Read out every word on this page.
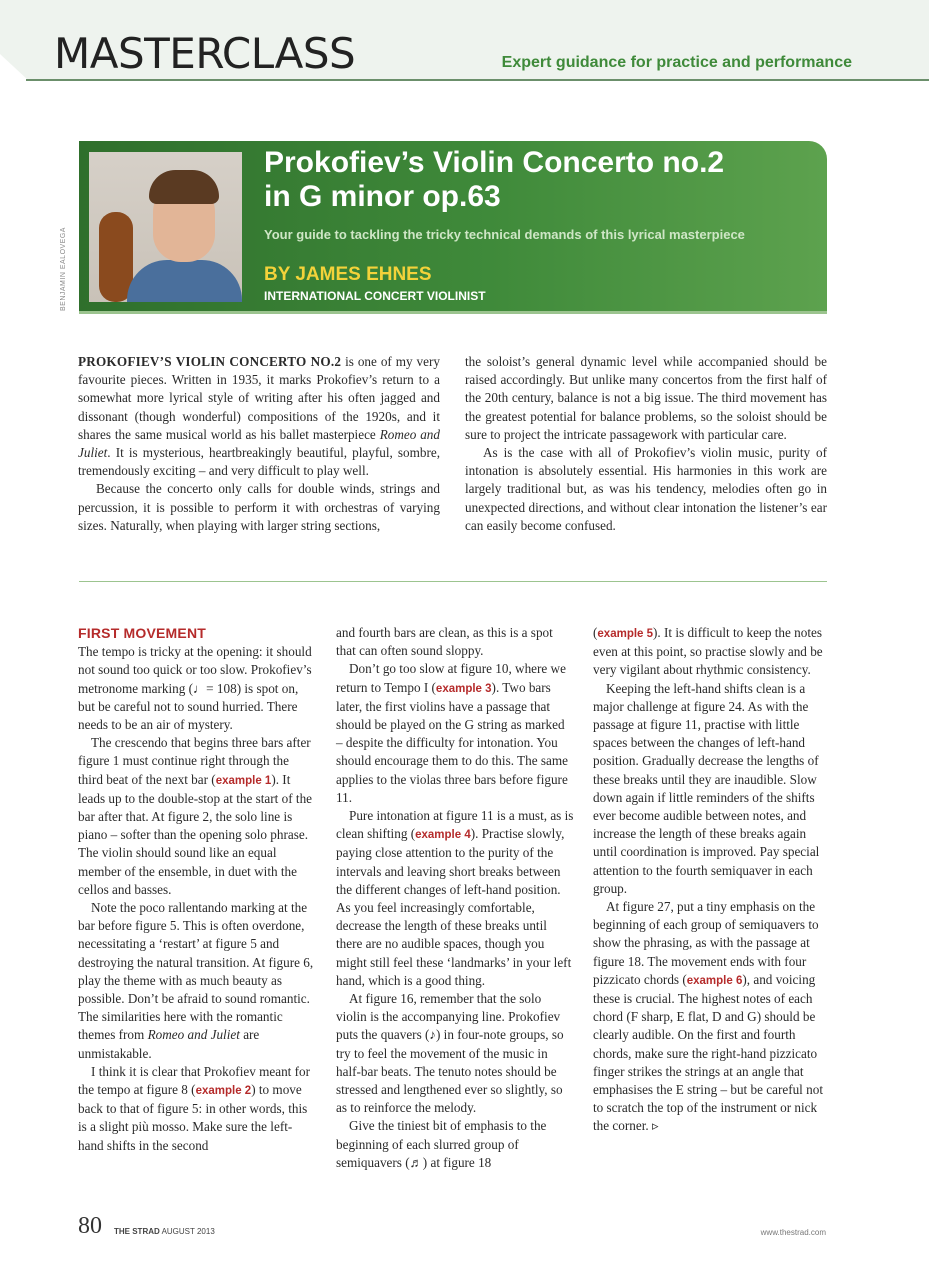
MASTERCLASS	Expert guidance for practice and performance
BENJAMIN EALOVEGA
Prokofiev’s Violin Concerto no.2
in G minor op.63
Your guide to tackling the tricky technical demands of this lyrical masterpiece
BY JAMES EHNES
INTERNATIONAL CONCERT VIOLINIST

PROKOFIEV’S VIOLIN CONCERTO NO.2 is one of my very favourite pieces. Written in 1935, it marks Prokofiev’s return to a somewhat more lyrical style of writing after his often jagged and dissonant (though wonderful) compositions of the 1920s, and it shares the same musical world as his ballet masterpiece Romeo and Juliet. It is mysterious, heartbreakingly beautiful, playful, sombre, tremendously exciting – and very difficult to play well.

Because the concerto only calls for double winds, strings and percussion, it is possible to perform it with orchestras of varying sizes. Naturally, when playing with larger string sections,

the soloist’s general dynamic level while accompanied should be raised accordingly. But unlike many concertos from the first half of the 20th century, balance is not a big issue. The third movement has the greatest potential for balance problems, so the soloist should be sure to project the intricate passagework with particular care.

As is the case with all of Prokofiev’s violin music, purity of intonation is absolutely essential. His harmonies in this work are largely traditional but, as was his tendency, melodies often go in unexpected directions, and without clear intonation the listener’s ear can easily become confused.

FIRST MOVEMENT

The tempo is tricky at the opening: it should not sound too quick or too slow. Prokofiev’s metronome marking (♩= 108) is spot on, but be careful not to sound hurried. There needs to be an air of mystery.

The crescendo that begins three bars after figure 1 must continue right through the third beat of the next bar (example 1). It leads up to the double-stop at the start of the bar after that. At figure 2, the solo line is piano – softer than the opening solo phrase. The violin should sound like an equal member of the ensemble, in duet with the cellos and basses.

Note the poco rallentando marking at the bar before figure 5. This is often overdone, necessitating a ‘restart’ at figure 5 and destroying the natural transition. At figure 6, play the theme with as much beauty as possible. Don’t be afraid to sound romantic. The similarities here with the romantic themes from Romeo and Juliet are unmistakable.

I think it is clear that Prokofiev meant for the tempo at figure 8 (example 2) to move back to that of figure 5: in other words, this is a slight più mosso. Make sure the left-hand shifts in the second

and fourth bars are clean, as this is a spot that can often sound sloppy.

Don’t go too slow at figure 10, where we return to Tempo I (example 3). Two bars later, the first violins have a passage that should be played on the G string as marked – despite the difficulty for intonation. You should encourage them to do this. The same applies to the violas three bars before figure 11.

Pure intonation at figure 11 is a must, as is clean shifting (example 4). Practise slowly, paying close attention to the purity of the intervals and leaving short breaks between the different changes of left-hand position. As you feel increasingly comfortable, decrease the length of these breaks until there are no audible spaces, though you might still feel these ‘landmarks’ in your left hand, which is a good thing.

At figure 16, remember that the solo violin is the accompanying line. Prokofiev puts the quavers (♪) in four-note groups, so try to feel the movement of the music in half-bar beats. The tenuto notes should be stressed and lengthened ever so slightly, so as to reinforce the melody.

Give the tiniest bit of emphasis to the beginning of each slurred group of semiquavers (♬) at figure 18

(example 5). It is difficult to keep the notes even at this point, so practise slowly and be very vigilant about rhythmic consistency.

Keeping the left-hand shifts clean is a major challenge at figure 24. As with the passage at figure 11, practise with little spaces between the changes of left-hand position. Gradually decrease the lengths of these breaks until they are inaudible. Slow down again if little reminders of the shifts ever become audible between notes, and increase the length of these breaks again until coordination is improved. Pay special attention to the fourth semiquaver in each group.

At figure 27, put a tiny emphasis on the beginning of each group of semiquavers to show the phrasing, as with the passage at figure 18. The movement ends with four pizzicato chords (example 6), and voicing these is crucial. The highest notes of each chord (F sharp, E flat, D and G) should be clearly audible. On the first and fourth chords, make sure the right-hand pizzicato finger strikes the strings at an angle that emphasises the E string – but be careful not to scratch the top of the instrument or nick the corner. ▹

80 THE STRAD AUGUST 2013	www.thestrad.com
